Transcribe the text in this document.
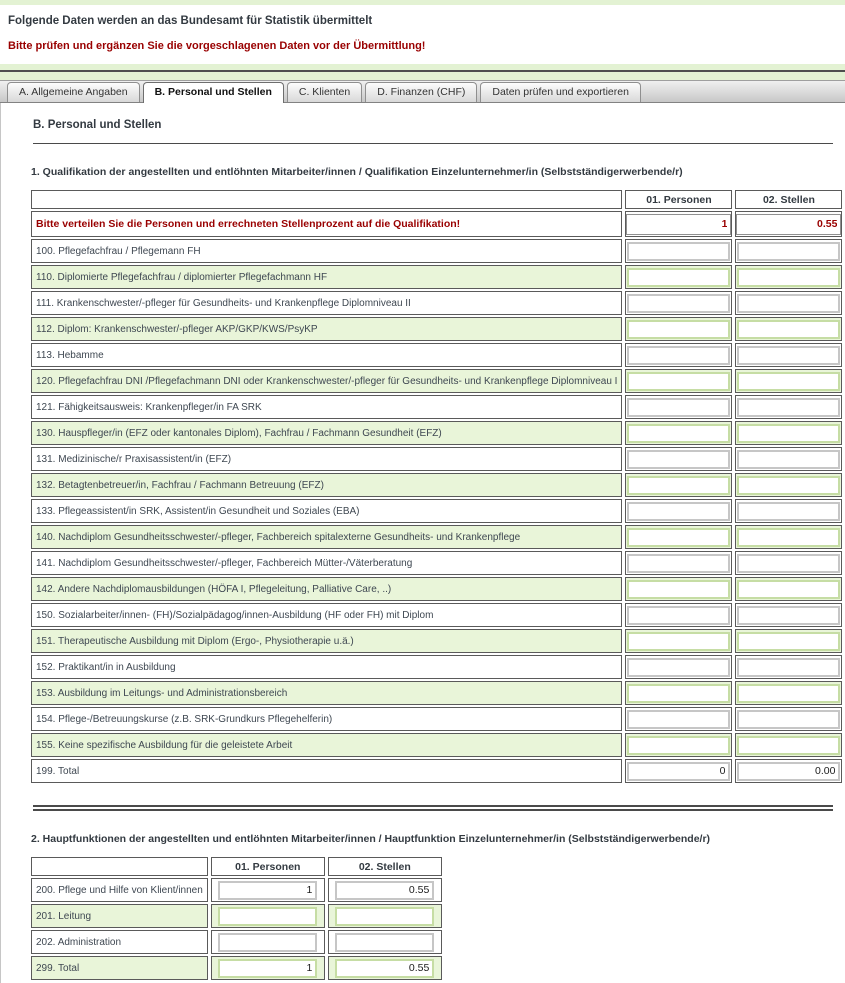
Folgende Daten werden an das Bundesamt für Statistik übermittelt
Bitte prüfen und ergänzen Sie die vorgeschlagenen Daten vor der Übermittlung!
A. Allgemeine Angaben	B. Personal und Stellen	C. Klienten	D. Finanzen (CHF)	Daten prüfen und exportieren
B. Personal und Stellen
1. Qualifikation der angestellten und entlöhnten Mitarbeiter/innen / Qualifikation Einzelunternehmer/in (Selbstständigerwerbende/r)
	01. Personen	02. Stellen
Bitte verteilen Sie die Personen und errechneten Stellenprozent auf die Qualifikation!	1	0.55
100. Pflegefachfrau / Pflegemann FH		
110. Diplomierte Pflegefachfrau / diplomierter Pflegefachmann HF		
111. Krankenschwester/-pfleger für Gesundheits- und Krankenpflege Diplomniveau II		
112. Diplom: Krankenschwester/-pfleger AKP/GKP/KWS/PsyKP		
113. Hebamme		
120. Pflegefachfrau DNI /Pflegefachmann DNI oder Krankenschwester/-pfleger für Gesundheits- und Krankenpflege Diplomniveau I		
121. Fähigkeitsausweis: Krankenpfleger/in FA SRK		
130. Hauspfleger/in (EFZ oder kantonales Diplom), Fachfrau / Fachmann Gesundheit (EFZ)		
131. Medizinische/r Praxisassistent/in (EFZ)		
132. Betagtenbetreuer/in, Fachfrau / Fachmann Betreuung (EFZ)		
133. Pflegeassistent/in SRK, Assistent/in Gesundheit und Soziales (EBA)		
140. Nachdiplom Gesundheitsschwester/-pfleger, Fachbereich spitalexterne Gesundheits- und Krankenpflege		
141. Nachdiplom Gesundheitsschwester/-pfleger, Fachbereich Mütter-/Väterberatung		
142. Andere Nachdiplomausbildungen (HÖFA I, Pflegeleitung, Palliative Care, ..)		
150. Sozialarbeiter/innen- (FH)/Sozialpädagog/innen-Ausbildung (HF oder FH) mit Diplom		
151. Therapeutische Ausbildung mit Diplom (Ergo-, Physiotherapie u.ä.)		
152. Praktikant/in in Ausbildung		
153. Ausbildung im Leitungs- und Administrationsbereich		
154. Pflege-/Betreuungskurse (z.B. SRK-Grundkurs Pflegehelferin)		
155. Keine spezifische Ausbildung für die geleistete Arbeit		
199. Total	0	0.00
2. Hauptfunktionen der angestellten und entlöhnten Mitarbeiter/innen / Hauptfunktion Einzelunternehmer/in (Selbstständigerwerbende/r)
	01. Personen	02. Stellen
200. Pflege und Hilfe von Klient/innen	1	0.55
201. Leitung		
202. Administration		
299. Total	1	0.55
